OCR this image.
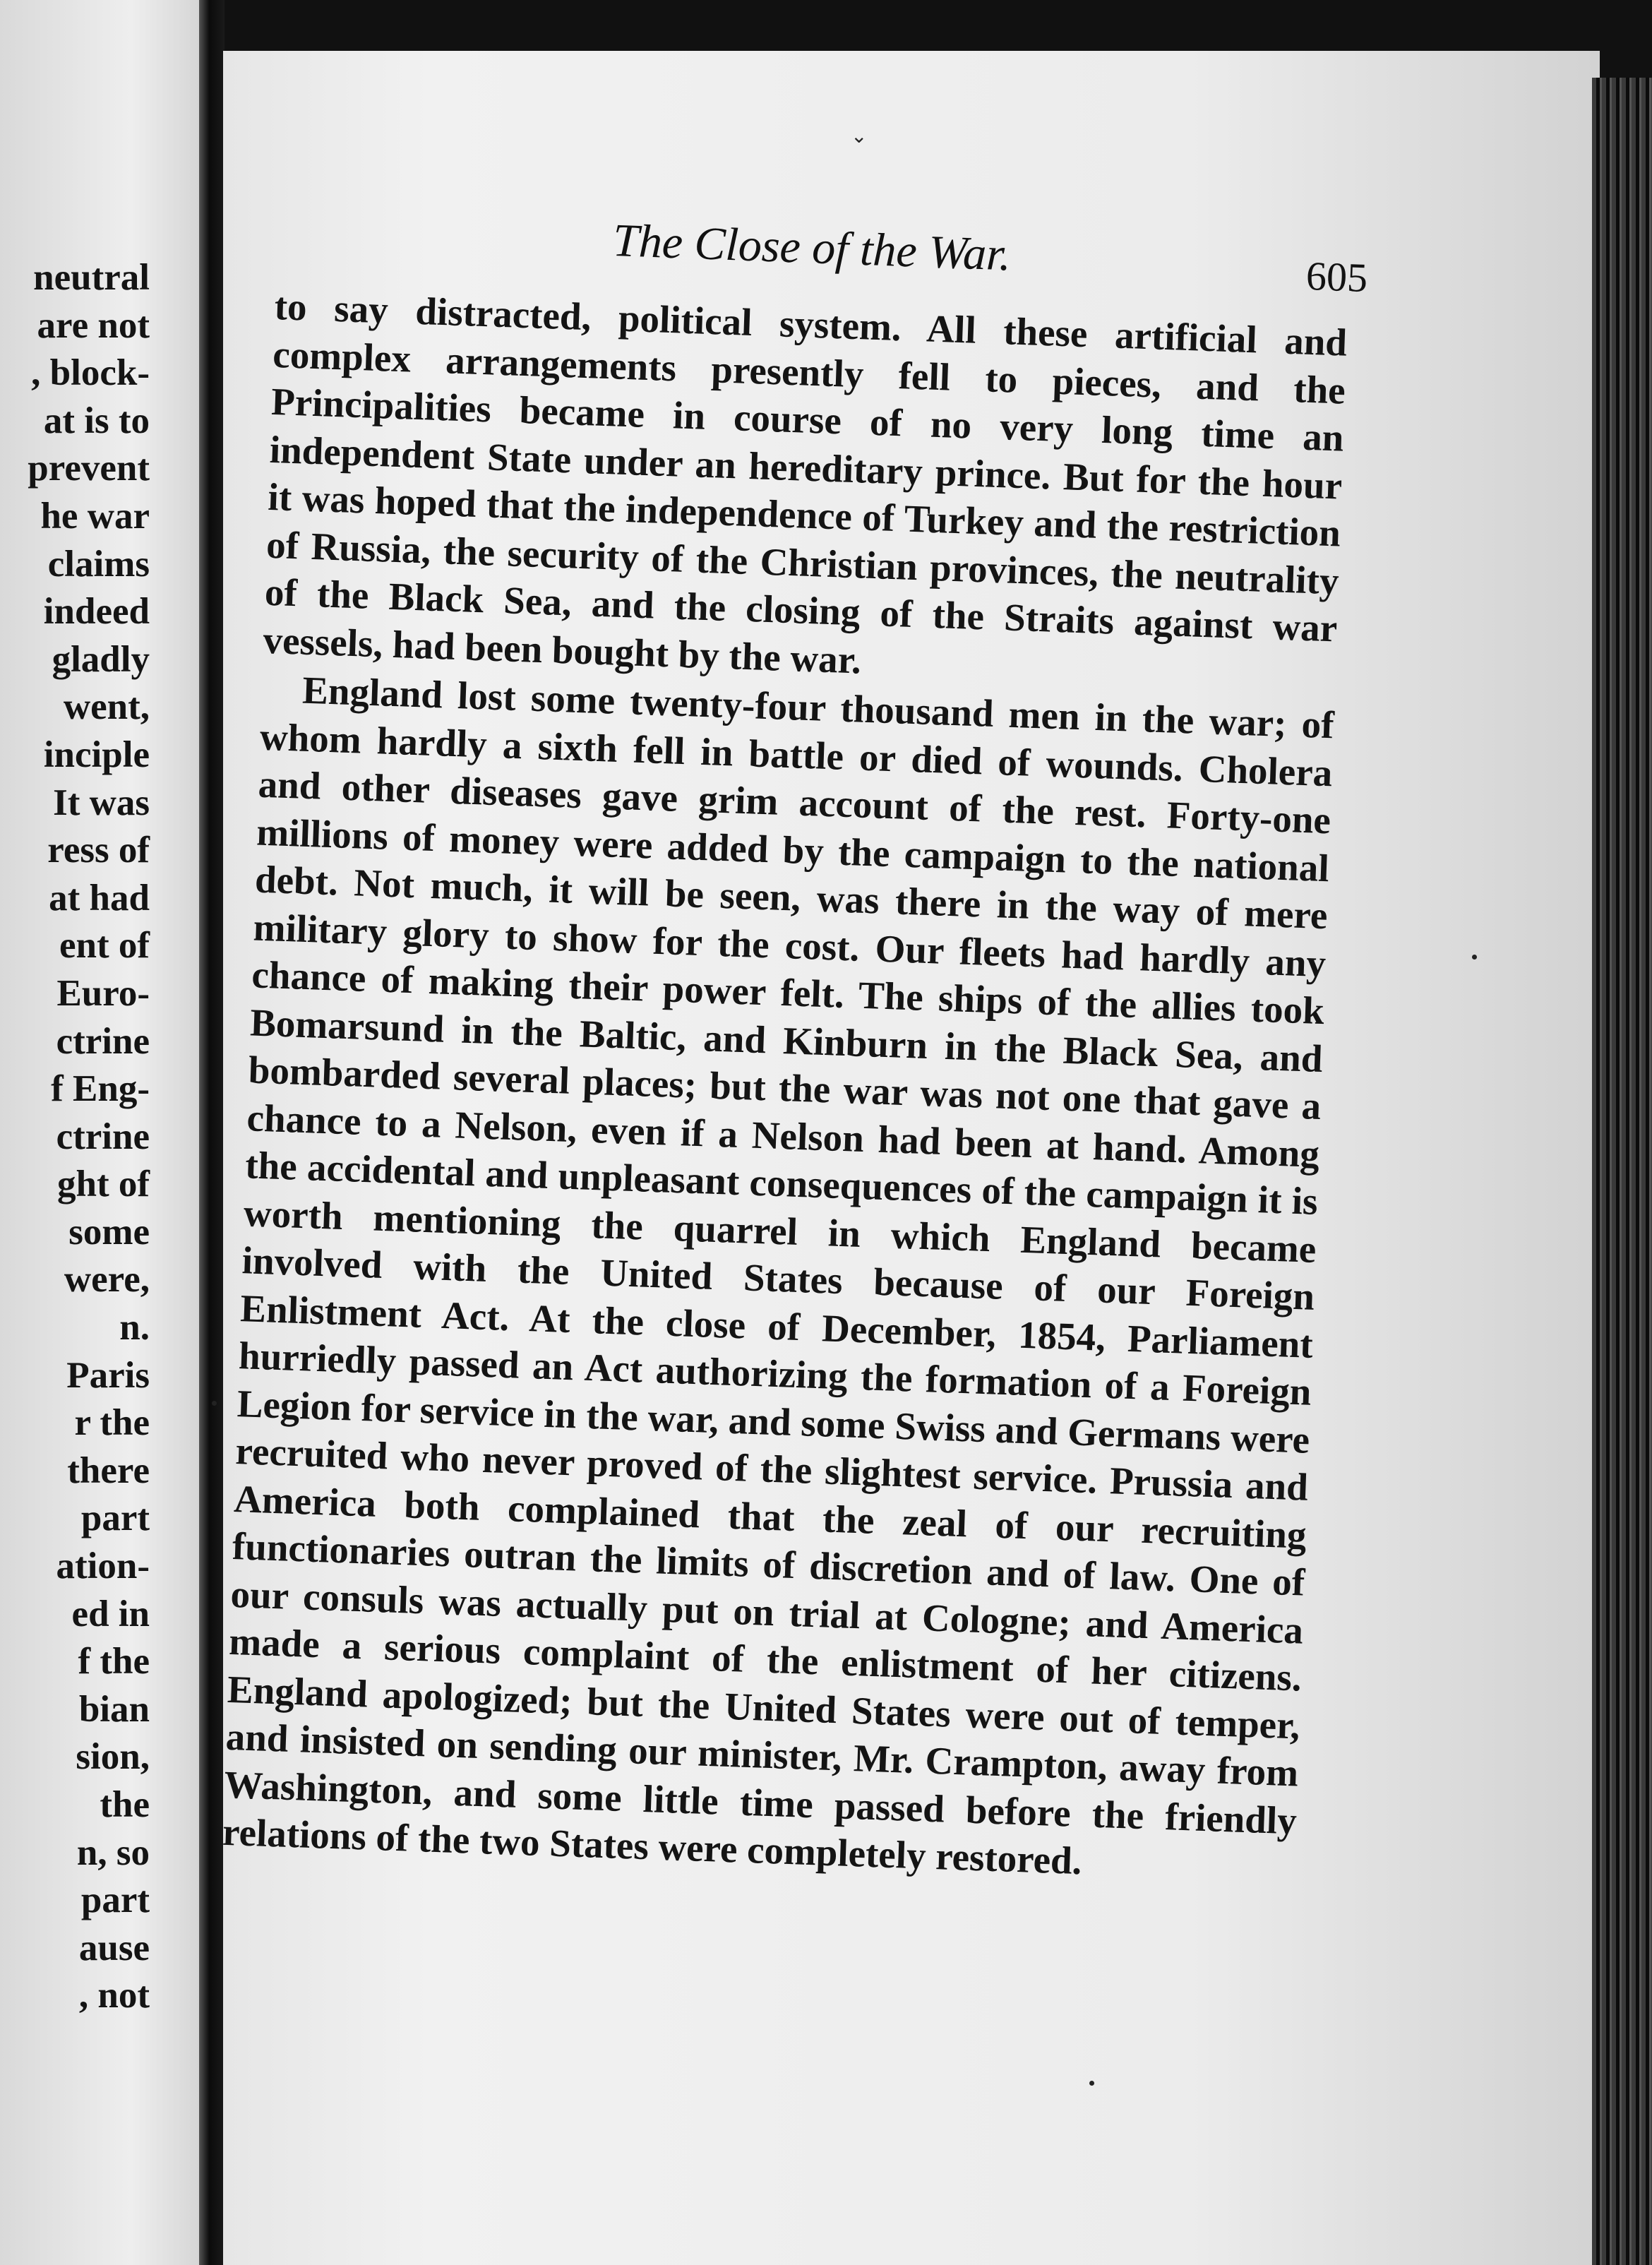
neutral
are not
, block-
at is to
prevent
he war
claims
indeed
gladly
went,
inciple
It was
ress of
at had
ent of
Euro-
ctrine
f Eng-
ctrine
ght of
some
were,
n.
Paris
r the
there
part
ation-
ed in
f the
bian
sion,
the
n, so
part
ause
, not
⌄
The Close of the War.	605

to say distracted, political system. All these artificial and complex arrangements presently fell to pieces, and the Principalities became in course of no very long time an independent State under an hereditary prince. But for the hour it was hoped that the independence of Turkey and the restriction of Russia, the security of the Christian provinces, the neutrality of the Black Sea, and the closing of the Straits against war vessels, had been bought by the war.

England lost some twenty-four thousand men in the war; of whom hardly a sixth fell in battle or died of wounds. Cholera and other diseases gave grim account of the rest. Forty-one millions of money were added by the campaign to the national debt. Not much, it will be seen, was there in the way of mere military glory to show for the cost. Our fleets had hardly any chance of making their power felt. The ships of the allies took Bomarsund in the Baltic, and Kinburn in the Black Sea, and bombarded several places; but the war was not one that gave a chance to a Nelson, even if a Nelson had been at hand. Among the accidental and unpleasant consequences of the campaign it is worth mentioning the quarrel in which England became involved with the United States because of our Foreign Enlistment Act. At the close of December, 1854, Parliament hurriedly passed an Act authorizing the formation of a Foreign Legion for service in the war, and some Swiss and Germans were recruited who never proved of the slightest service. Prussia and America both complained that the zeal of our recruiting functionaries outran the limits of discretion and of law. One of our consuls was actually put on trial at Cologne; and America made a serious complaint of the enlistment of her citizens. England apologized; but the United States were out of temper, and insisted on sending our minister, Mr. Crampton, away from Washington, and some little time passed before the friendly relations of the two States were completely restored.
